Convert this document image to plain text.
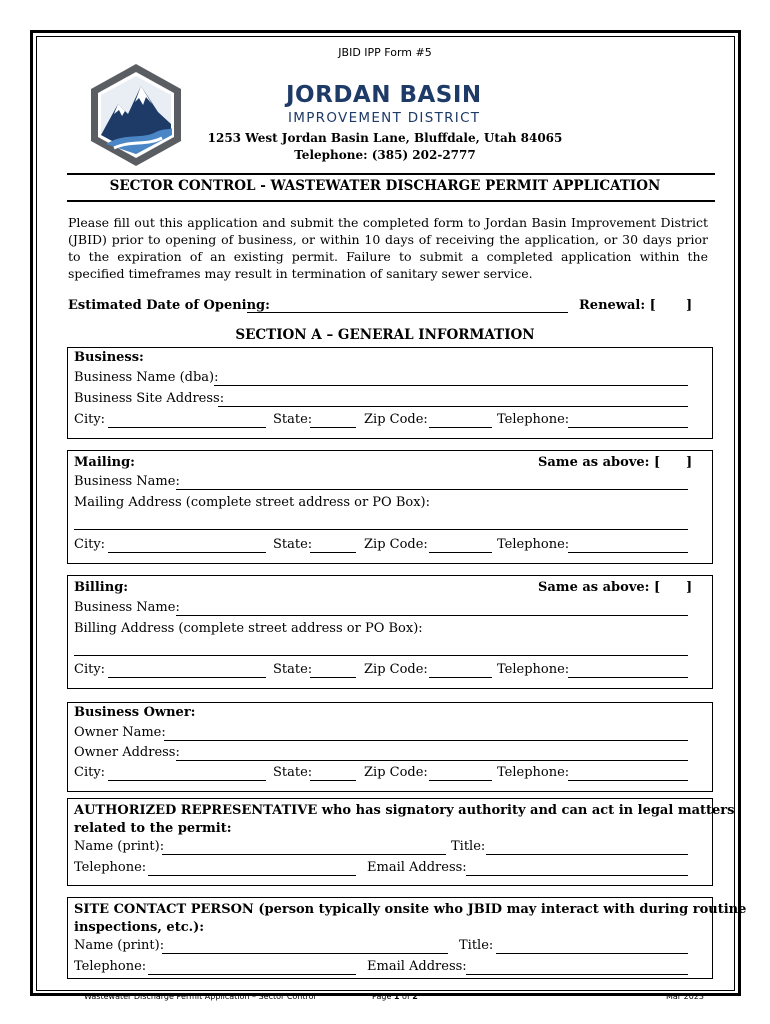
JBID IPP Form #5
JORDAN BASIN
IMPROVEMENT DISTRICT
1253 West Jordan Basin Lane, Bluffdale, Utah 84065
Telephone: (385) 202-2777
SECTOR CONTROL - WASTEWATER DISCHARGE PERMIT APPLICATION
Please fill out this application and submit the completed form to Jordan Basin Improvement District (JBID) prior to opening of business, or within 10 days of receiving the application, or 30 days prior to the expiration of an existing permit. Failure to submit a completed application within the specified timeframes may result in termination of sanitary sewer service.
Estimated Date of Opening:	Renewal: [ ]
SECTION A – GENERAL INFORMATION
Business:
Business Name (dba):
Business Site Address:
City:	State:	Zip Code:	Telephone:
Mailing:	Same as above: [ ]
Business Name:
Mailing Address (complete street address or PO Box):
City:	State:	Zip Code:	Telephone:
Billing:	Same as above: [ ]
Business Name:
Billing Address (complete street address or PO Box):
City:	State:	Zip Code:	Telephone:
Business Owner:
Owner Name:
Owner Address:
City:	State:	Zip Code:	Telephone:
AUTHORIZED REPRESENTATIVE who has signatory authority and can act in legal matters
related to the permit:
Name (print):	Title:
Telephone:	Email Address:
SITE CONTACT PERSON (person typically onsite who JBID may interact with during routine
inspections, etc.):
Name (print):	Title:
Telephone:	Email Address:
Wastewater Discharge Permit Application – Sector Control	Page 1 of 2	Mar 2023
